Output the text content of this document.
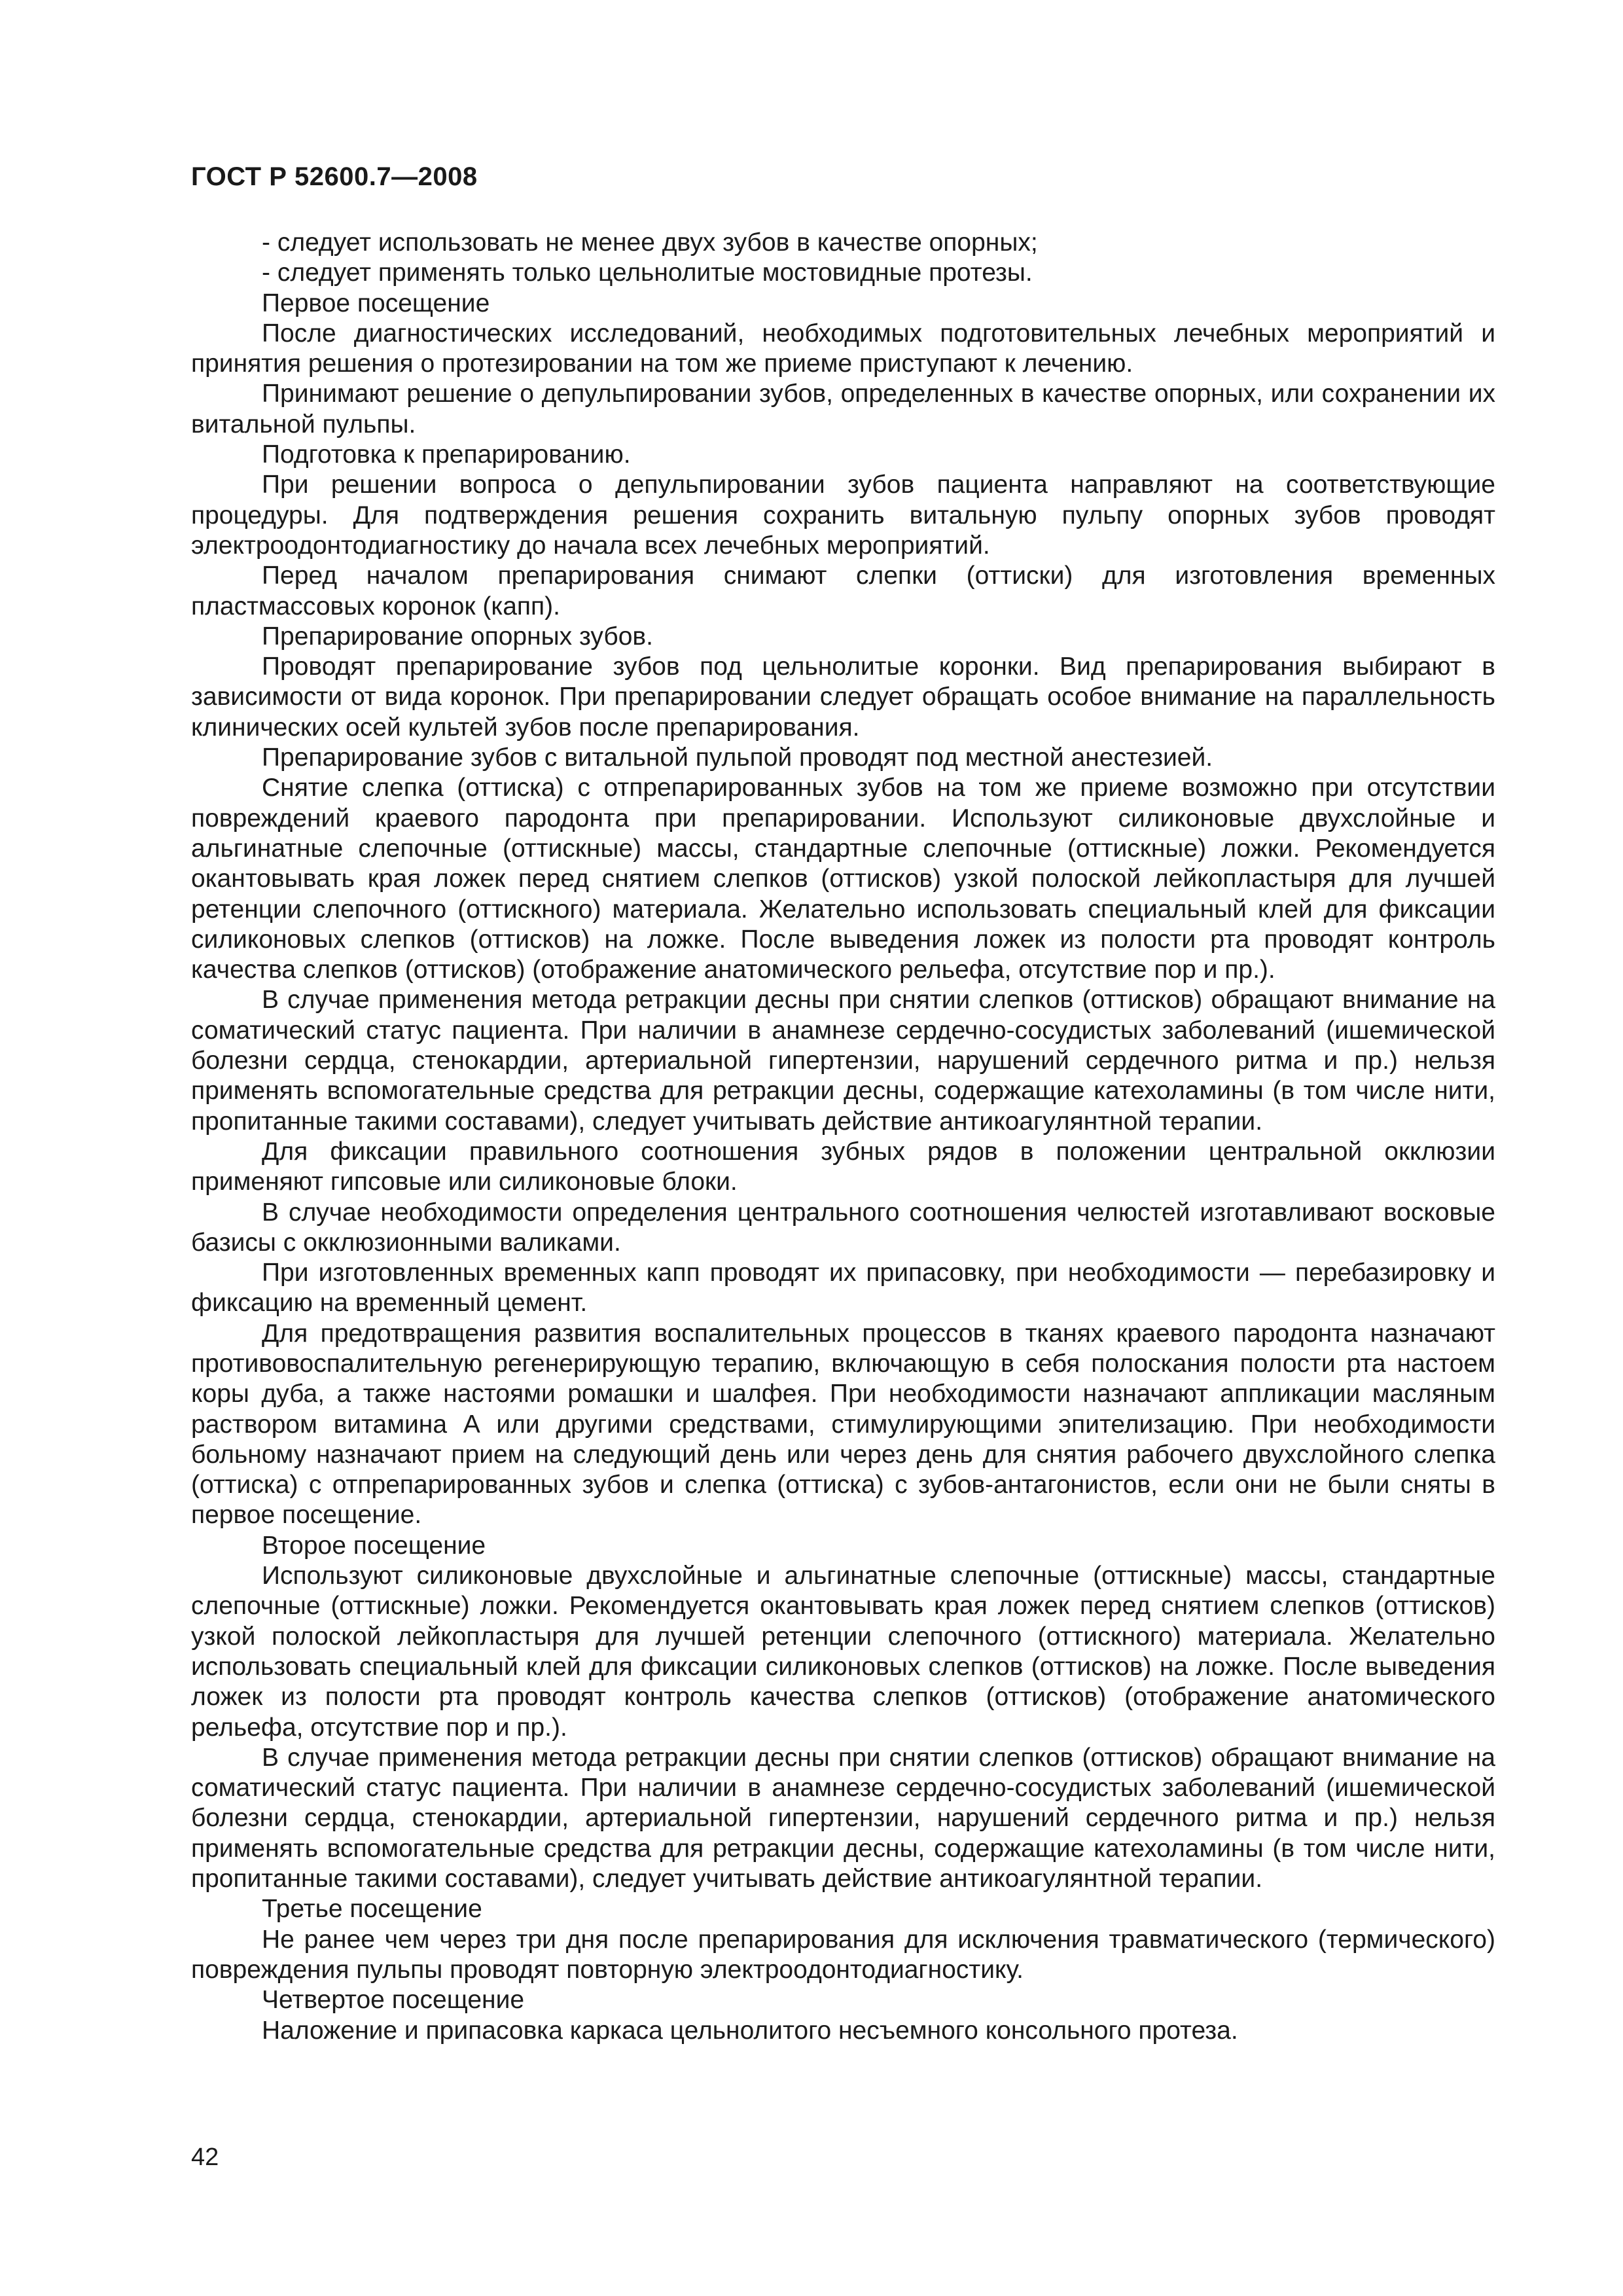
ГОСТ Р 52600.7—2008

- следует использовать не менее двух зубов в качестве опорных;

- следует применять только цельнолитые мостовидные протезы.

Первое посещение

После диагностических исследований, необходимых подготовительных лечебных мероприятий и принятия решения о протезировании на том же приеме приступают к лечению.

Принимают решение о депульпировании зубов, определенных в качестве опорных, или сохранении их витальной пульпы.

Подготовка к препарированию.

При решении вопроса о депульпировании зубов пациента направляют на соответствующие процедуры. Для подтверждения решения сохранить витальную пульпу опорных зубов проводят электроодонтодиагностику до начала всех лечебных мероприятий.

Перед началом препарирования снимают слепки (оттиски) для изготовления временных пластмассовых коронок (капп).

Препарирование опорных зубов.

Проводят препарирование зубов под цельнолитые коронки. Вид препарирования выбирают в зависимости от вида коронок. При препарировании следует обращать особое внимание на параллельность клинических осей культей зубов после препарирования.

Препарирование зубов с витальной пульпой проводят под местной анестезией.

Снятие слепка (оттиска) с отпрепарированных зубов на том же приеме возможно при отсутствии повреждений краевого пародонта при препарировании. Используют силиконовые двухслойные и альгинатные слепочные (оттискные) массы, стандартные слепочные (оттискные) ложки. Рекомендуется окантовывать края ложек перед снятием слепков (оттисков) узкой полоской лейкопластыря для лучшей ретенции слепочного (оттискного) материала. Желательно использовать специальный клей для фиксации силиконовых слепков (оттисков) на ложке. После выведения ложек из полости рта проводят контроль качества слепков (оттисков) (отображение анатомического рельефа, отсутствие пор и пр.).

В случае применения метода ретракции десны при снятии слепков (оттисков) обращают внимание на соматический статус пациента. При наличии в анамнезе сердечно-сосудистых заболеваний (ишемической болезни сердца, стенокардии, артериальной гипертензии, нарушений сердечного ритма и пр.) нельзя применять вспомогательные средства для ретракции десны, содержащие катехоламины (в том числе нити, пропитанные такими составами), следует учитывать действие антикоагулянтной терапии.

Для фиксации правильного соотношения зубных рядов в положении центральной окклюзии применяют гипсовые или силиконовые блоки.

В случае необходимости определения центрального соотношения челюстей изготавливают восковые базисы с окклюзионными валиками.

При изготовленных временных капп проводят их припасовку, при необходимости — перебазировку и фиксацию на временный цемент.

Для предотвращения развития воспалительных процессов в тканях краевого пародонта назначают противовоспалительную регенерирующую терапию, включающую в себя полоскания полости рта настоем коры дуба, а также настоями ромашки и шалфея. При необходимости назначают аппликации масляным раствором витамина А или другими средствами, стимулирующими эпителизацию. При необходимости больному назначают прием на следующий день или через день для снятия рабочего двухслойного слепка (оттиска) с отпрепарированных зубов и слепка (оттиска) с зубов-антагонистов, если они не были сняты в первое посещение.

Второе посещение

Используют силиконовые двухслойные и альгинатные слепочные (оттискные) массы, стандартные слепочные (оттискные) ложки. Рекомендуется окантовывать края ложек перед снятием слепков (оттисков) узкой полоской лейкопластыря для лучшей ретенции слепочного (оттискного) материала. Желательно использовать специальный клей для фиксации силиконовых слепков (оттисков) на ложке. После выведения ложек из полости рта проводят контроль качества слепков (оттисков) (отображение анатомического рельефа, отсутствие пор и пр.).

В случае применения метода ретракции десны при снятии слепков (оттисков) обращают внимание на соматический статус пациента. При наличии в анамнезе сердечно-сосудистых заболеваний (ишемической болезни сердца, стенокардии, артериальной гипертензии, нарушений сердечного ритма и пр.) нельзя применять вспомогательные средства для ретракции десны, содержащие катехоламины (в том числе нити, пропитанные такими составами), следует учитывать действие антикоагулянтной терапии.

Третье посещение

Не ранее чем через три дня после препарирования для исключения травматического (термического) повреждения пульпы проводят повторную электроодонтодиагностику.

Четвертое посещение

Наложение и припасовка каркаса цельнолитого несъемного консольного протеза.

42
